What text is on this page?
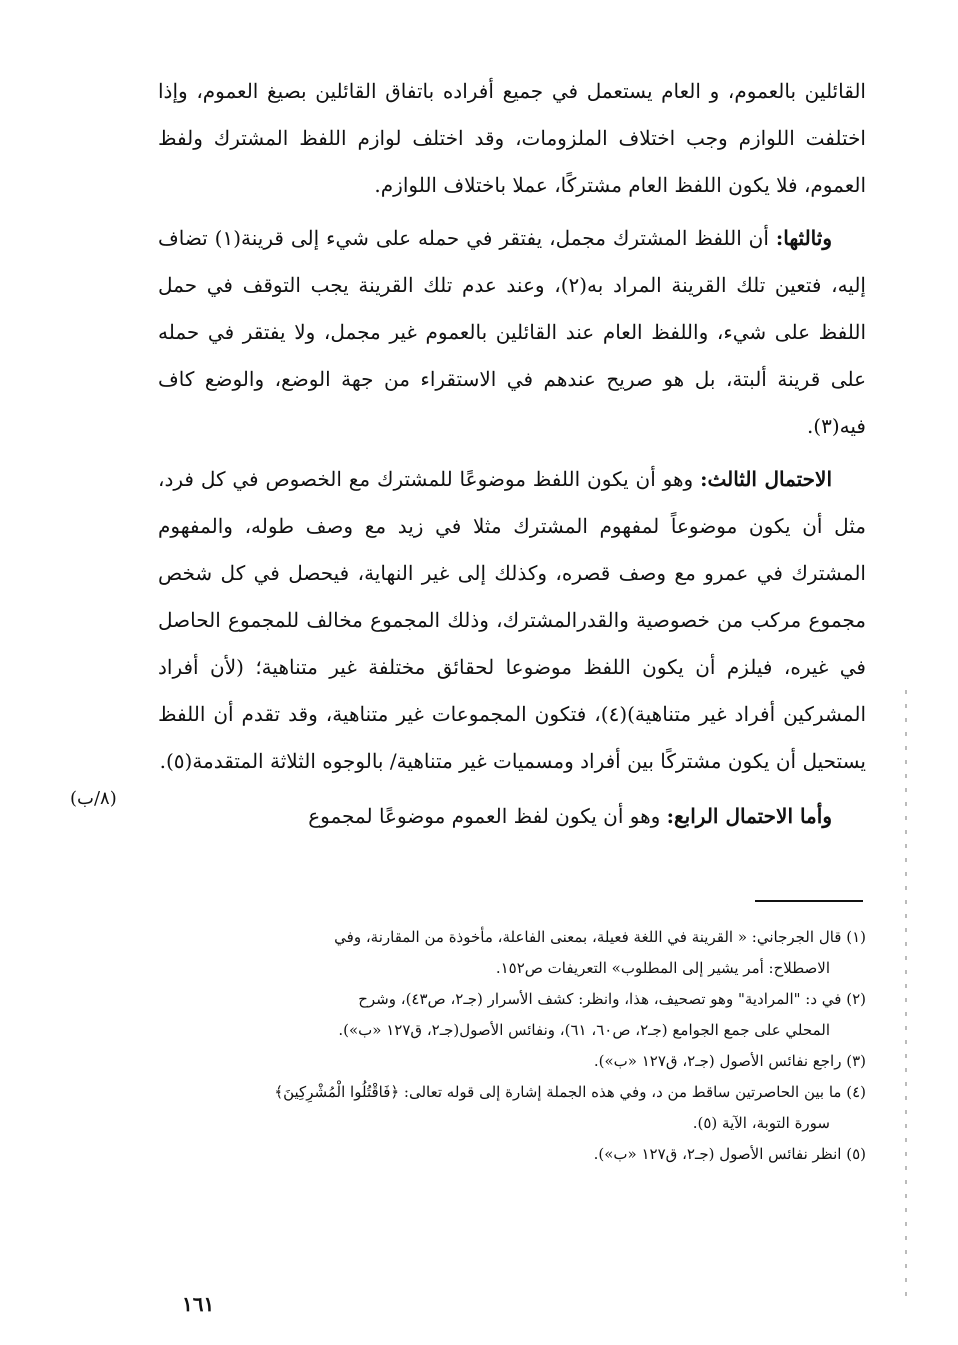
القائلين بالعموم، و العام يستعمل في جميع أفراده باتفاق القائلين بصيغ العموم، وإذا اختلفت اللوازم وجب اختلاف الملزومات، وقد اختلف لوازم اللفظ المشترك ولفظ العموم، فلا يكون اللفظ العام مشتركًا، عملا باختلاف اللوازم.

وثالثها: أن اللفظ المشترك مجمل، يفتقر في حمله على شيء إلى قرينة(١) تضاف إليه، فتعين تلك القرينة المراد به(٢)، وعند عدم تلك القرينة يجب التوقف في حمل اللفظ على شيء، واللفظ العام عند القائلين بالعموم غير مجمل، ولا يفتقر في حمله على قرينة ألبتة، بل هو صريح عندهم في الاستقراء من جهة الوضع، والوضع كاف فيه(٣).

الاحتمال الثالث: وهو أن يكون اللفظ موضوعًا للمشترك مع الخصوص في كل فرد، مثل أن يكون موضوعاً لمفهوم المشترك مثلا في زيد مع وصف طوله، والمفهوم المشترك في عمرو مع وصف قصره، وكذلك إلى غير النهاية، فيحصل في كل شخص مجموع مركب من خصوصية والقدرالمشترك، وذلك المجموع مخالف للمجموع الحاصل في غيره، فيلزم أن يكون اللفظ موضوعا لحقائق مختلفة غير متناهية؛ (لأن أفراد المشركين أفراد غير متناهية)(٤)، فتكون المجموعات غير متناهية، وقد تقدم أن اللفظ يستحيل أن يكون مشتركًا بين أفراد ومسميات غير متناهية/ بالوجوه الثلاثة المتقدمة(٥).

وأما الاحتمال الرابع: وهو أن يكون لفظ العموم موضوعًا لمجموع

(٨/ب)

(١) قال الجرجاني: « القرينة في اللغة فعيلة، بمعنى الفاعلة، مأخوذة من المقارنة، وفي

الاصطلاح: أمر يشير إلى المطلوب» التعريفات ص١٥٢.

(٢) في د: "المرادية" وهو تصحيف، هذا، وانظر: كشف الأسرار (جـ٢، ص٤٣)، وشرح

المحلي على جمع الجوامع (جـ٢، ص٦٠، ٦١)، ونفائس الأصول(جـ٢، ق١٢٧ «ب»).

(٣) راجع نفائس الأصول (جـ٢، ق١٢٧ «ب»).

(٤) ما بين الحاصرتين ساقط من د، وفي هذه الجملة إشارة إلى قوله تعالى: ﴿فَاقْتُلُوا الْمُشْرِكِينَ﴾

سورة التوبة، الآية (٥).

(٥) انظر نفائس الأصول (جـ٢، ق١٢٧ «ب»).

١٦١
